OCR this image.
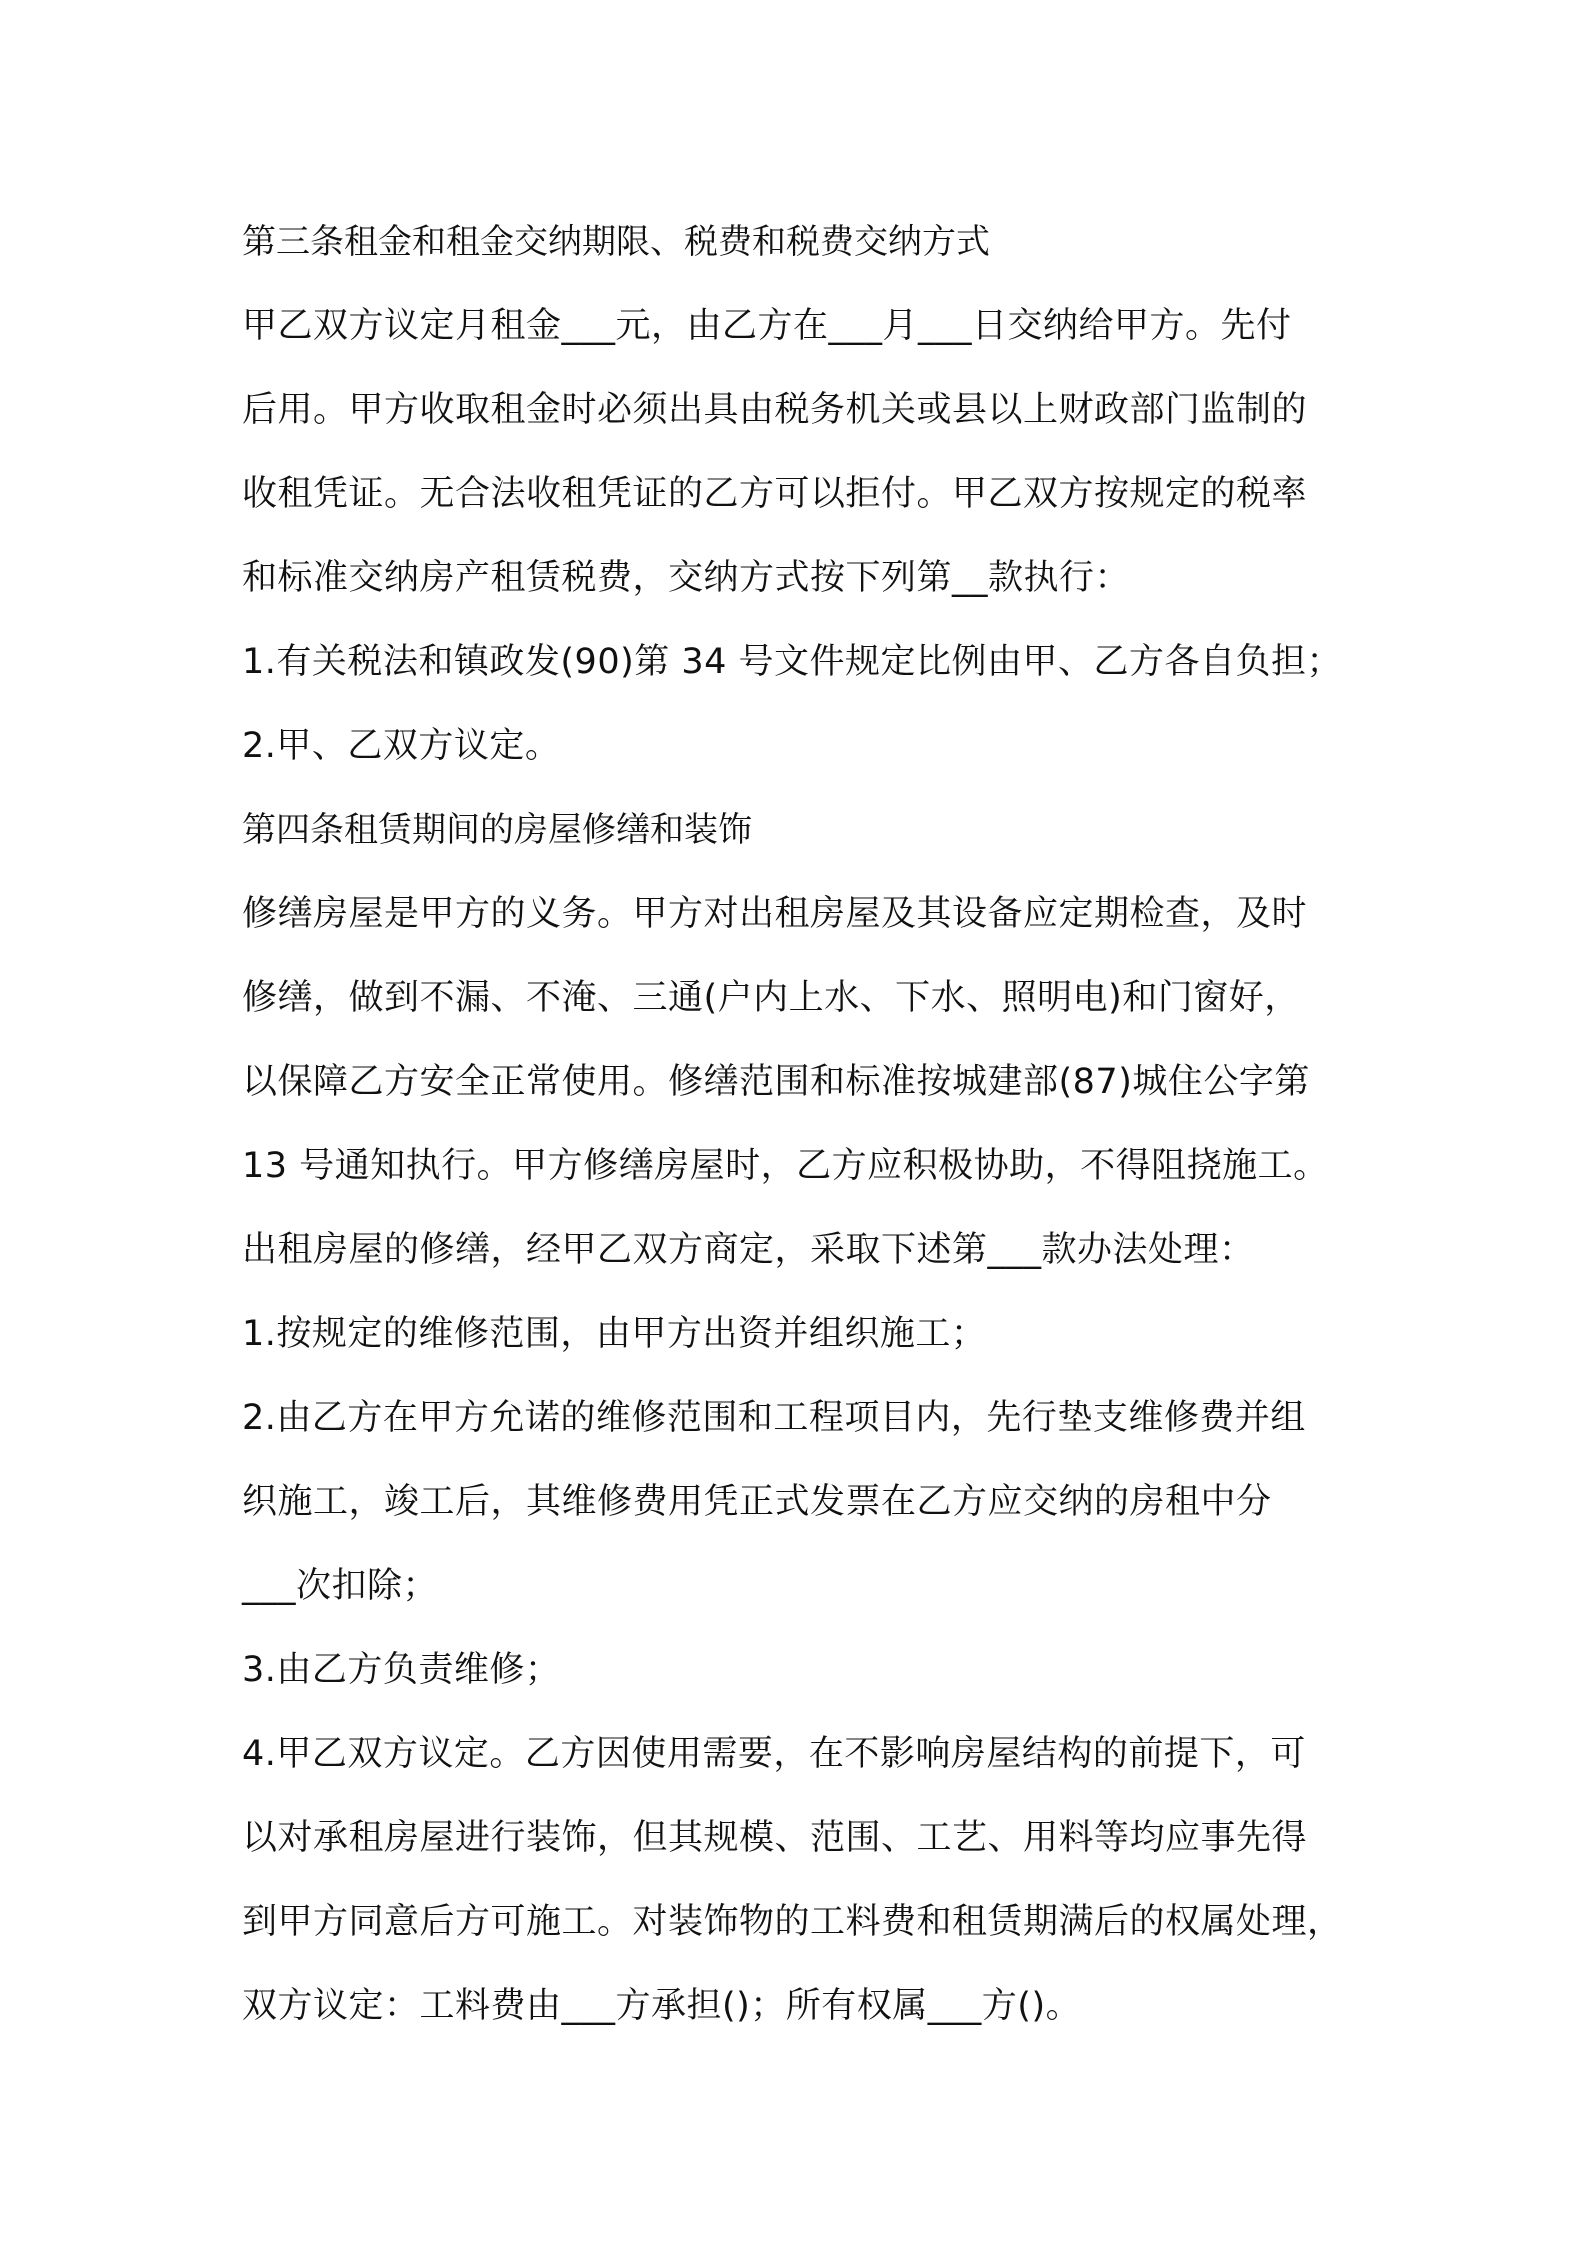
第三条租金和租金交纳期限、税费和税费交纳方式
甲乙双方议定月租金___元，由乙方在___月___日交纳给甲方。先付
后用。甲方收取租金时必须出具由税务机关或县以上财政部门监制的
收租凭证。无合法收租凭证的乙方可以拒付。甲乙双方按规定的税率
和标准交纳房产租赁税费，交纳方式按下列第__款执行：
1.有关税法和镇政发(90)第 34 号文件规定比例由甲、乙方各自负担；
2.甲、乙双方议定。
第四条租赁期间的房屋修缮和装饰
修缮房屋是甲方的义务。甲方对出租房屋及其设备应定期检查，及时
修缮，做到不漏、不淹、三通(户内上水、下水、照明电)和门窗好，
以保障乙方安全正常使用。修缮范围和标准按城建部(87)城住公字第
13 号通知执行。甲方修缮房屋时，乙方应积极协助，不得阻挠施工。
出租房屋的修缮，经甲乙双方商定，采取下述第___款办法处理：
1.按规定的维修范围，由甲方出资并组织施工；
2.由乙方在甲方允诺的维修范围和工程项目内，先行垫支维修费并组
织施工，竣工后，其维修费用凭正式发票在乙方应交纳的房租中分
___次扣除；
3.由乙方负责维修；
4.甲乙双方议定。乙方因使用需要，在不影响房屋结构的前提下，可
以对承租房屋进行装饰，但其规模、范围、工艺、用料等均应事先得
到甲方同意后方可施工。对装饰物的工料费和租赁期满后的权属处理，
双方议定：工料费由___方承担()；所有权属___方()。
